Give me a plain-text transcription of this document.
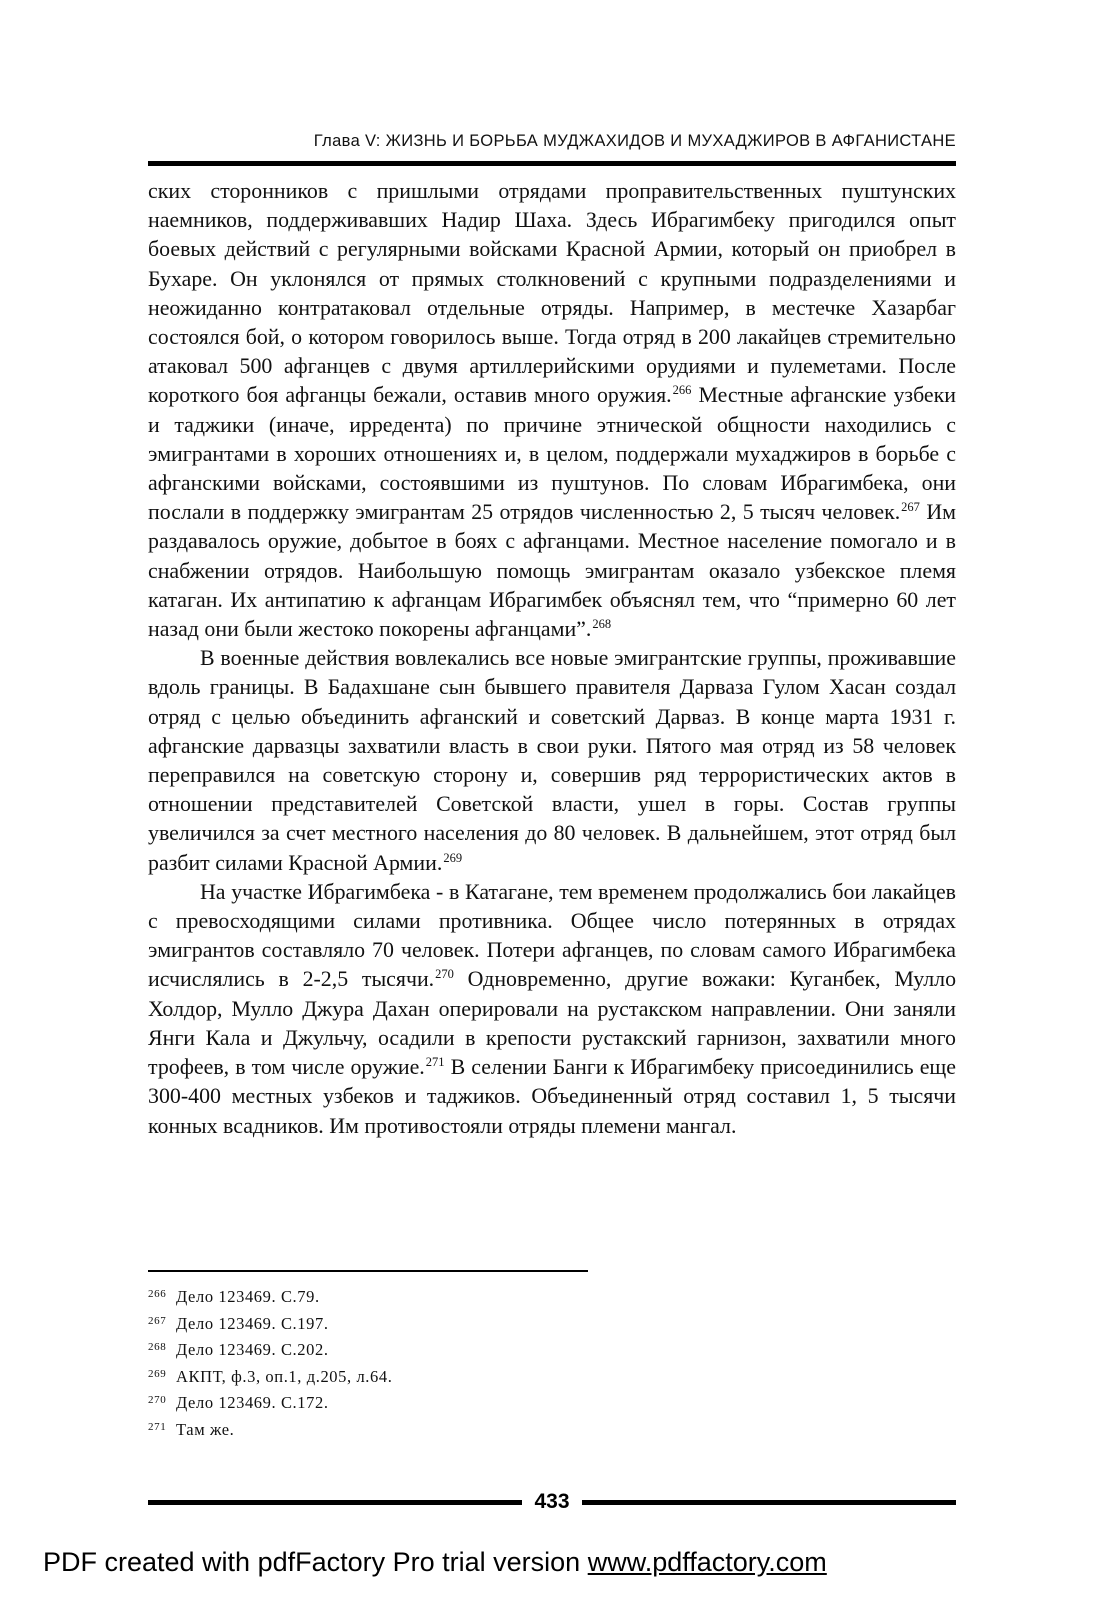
Глава V: ЖИЗНЬ И БОРЬБА МУДЖАХИДОВ И МУХАДЖИРОВ В АФГАНИСТАНЕ

ских сторонников с пришлыми отрядами проправительственных пуштунских наемников, поддерживавших Надир Шаха. Здесь Ибрагимбеку пригодился опыт боевых действий с регулярными войсками Красной Армии, который он приобрел в Бухаре. Он уклонялся от прямых столкновений с крупными подразделениями и неожиданно контратаковал отдельные отряды. Например, в местечке Хазарбаг состоялся бой, о котором говорилось выше. Тогда отряд в 200 лакайцев стремительно атаковал 500 афганцев с двумя артиллерийскими орудиями и пулеметами. После короткого боя афганцы бежали, оставив много оружия.$^{266}$ Местные афганские узбеки и таджики (иначе, ирредента) по причине этнической общности находились с эмигрантами в хороших отношениях и, в целом, поддержали мухаджиров в борьбе с афганскими войсками, состоявшими из пуштунов. По словам Ибрагимбека, они послали в поддержку эмигрантам 25 отрядов численностью 2, 5 тысяч человек.$^{267}$ Им раздавалось оружие, добытое в боях с афганцами. Местное население помогало и в снабжении отрядов. Наибольшую помощь эмигрантам оказало узбекское племя катаган. Их антипатию к афганцам Ибрагимбек объяснял тем, что “примерно 60 лет назад они были жестоко покорены афганцами”.$^{268}$

В военные действия вовлекались все новые эмигрантские группы, проживавшие вдоль границы. В Бадахшане сын бывшего правителя Дарваза Гулом Хасан создал отряд с целью объединить афганский и советский Дарваз. В конце марта 1931 г. афганские дарвазцы захватили власть в свои руки. Пятого мая отряд из 58 человек переправился на советскую сторону и, совершив ряд террористических актов в отношении представителей Советской власти, ушел в горы. Состав группы увеличился за счет местного населения до 80 человек. В дальнейшем, этот отряд был разбит силами Красной Армии.$^{269}$

На участке Ибрагимбека - в Катагане, тем временем продолжались бои лакайцев с превосходящими силами противника. Общее число потерянных в отрядах эмигрантов составляло 70 человек. Потери афганцев, по словам самого Ибрагимбека исчислялись в 2-2,5 тысячи.$^{270}$ Одновременно, другие вожаки: Куганбек, Мулло Холдор, Мулло Джура Дахан оперировали на рустакском направлении. Они заняли Янги Кала и Джульчу, осадили в крепости рустакский гарнизон, захватили много трофеев, в том числе оружие.$^{271}$ В селении Банги к Ибрагимбеку присоединились еще 300-400 местных узбеков и таджиков. Объединенный отряд составил 1, 5 тысячи конных всадников. Им противостояли отряды племени мангал.

266 Дело 123469. С.79.
267 Дело 123469. С.197.
268 Дело 123469. С.202.
269 АКПТ, ф.3, оп.1, д.205, л.64.
270 Дело 123469. С.172.
271 Там же.
433
PDF created with pdfFactory Pro trial version www.pdffactory.com
